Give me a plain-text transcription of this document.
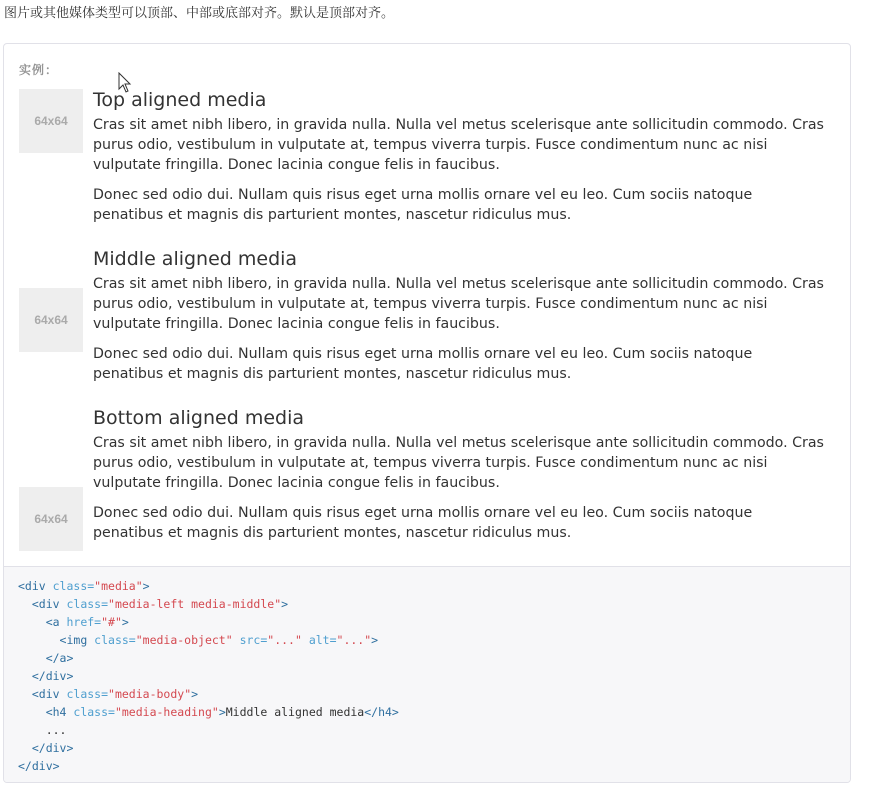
图片或其他媒体类型可以顶部、中部或底部对齐。默认是顶部对齐。
实例：
64x64
Top aligned media

Cras sit amet nibh libero, in gravida nulla. Nulla vel metus scelerisque ante sollicitudin commodo. Cras purus odio, vestibulum in vulputate at, tempus viverra turpis. Fusce condimentum nunc ac nisi vulputate fringilla. Donec lacinia congue felis in faucibus.

Donec sed odio dui. Nullam quis risus eget urna mollis ornare vel eu leo. Cum sociis natoque penatibus et magnis dis parturient montes, nascetur ridiculus mus.

64x64
Middle aligned media

Cras sit amet nibh libero, in gravida nulla. Nulla vel metus scelerisque ante sollicitudin commodo. Cras purus odio, vestibulum in vulputate at, tempus viverra turpis. Fusce condimentum nunc ac nisi vulputate fringilla. Donec lacinia congue felis in faucibus.

Donec sed odio dui. Nullam quis risus eget urna mollis ornare vel eu leo. Cum sociis natoque penatibus et magnis dis parturient montes, nascetur ridiculus mus.

64x64
Bottom aligned media

Cras sit amet nibh libero, in gravida nulla. Nulla vel metus scelerisque ante sollicitudin commodo. Cras purus odio, vestibulum in vulputate at, tempus viverra turpis. Fusce condimentum nunc ac nisi vulputate fringilla. Donec lacinia congue felis in faucibus.

Donec sed odio dui. Nullam quis risus eget urna mollis ornare vel eu leo. Cum sociis natoque penatibus et magnis dis parturient montes, nascetur ridiculus mus.

<div class="media">
<div class="media-left media-middle">
<a href="#">
<img class="media-object" src="..." alt="...">
</a>
</div>
<div class="media-body">
<h4 class="media-heading">Middle aligned media</h4>
...
</div>
</div>
